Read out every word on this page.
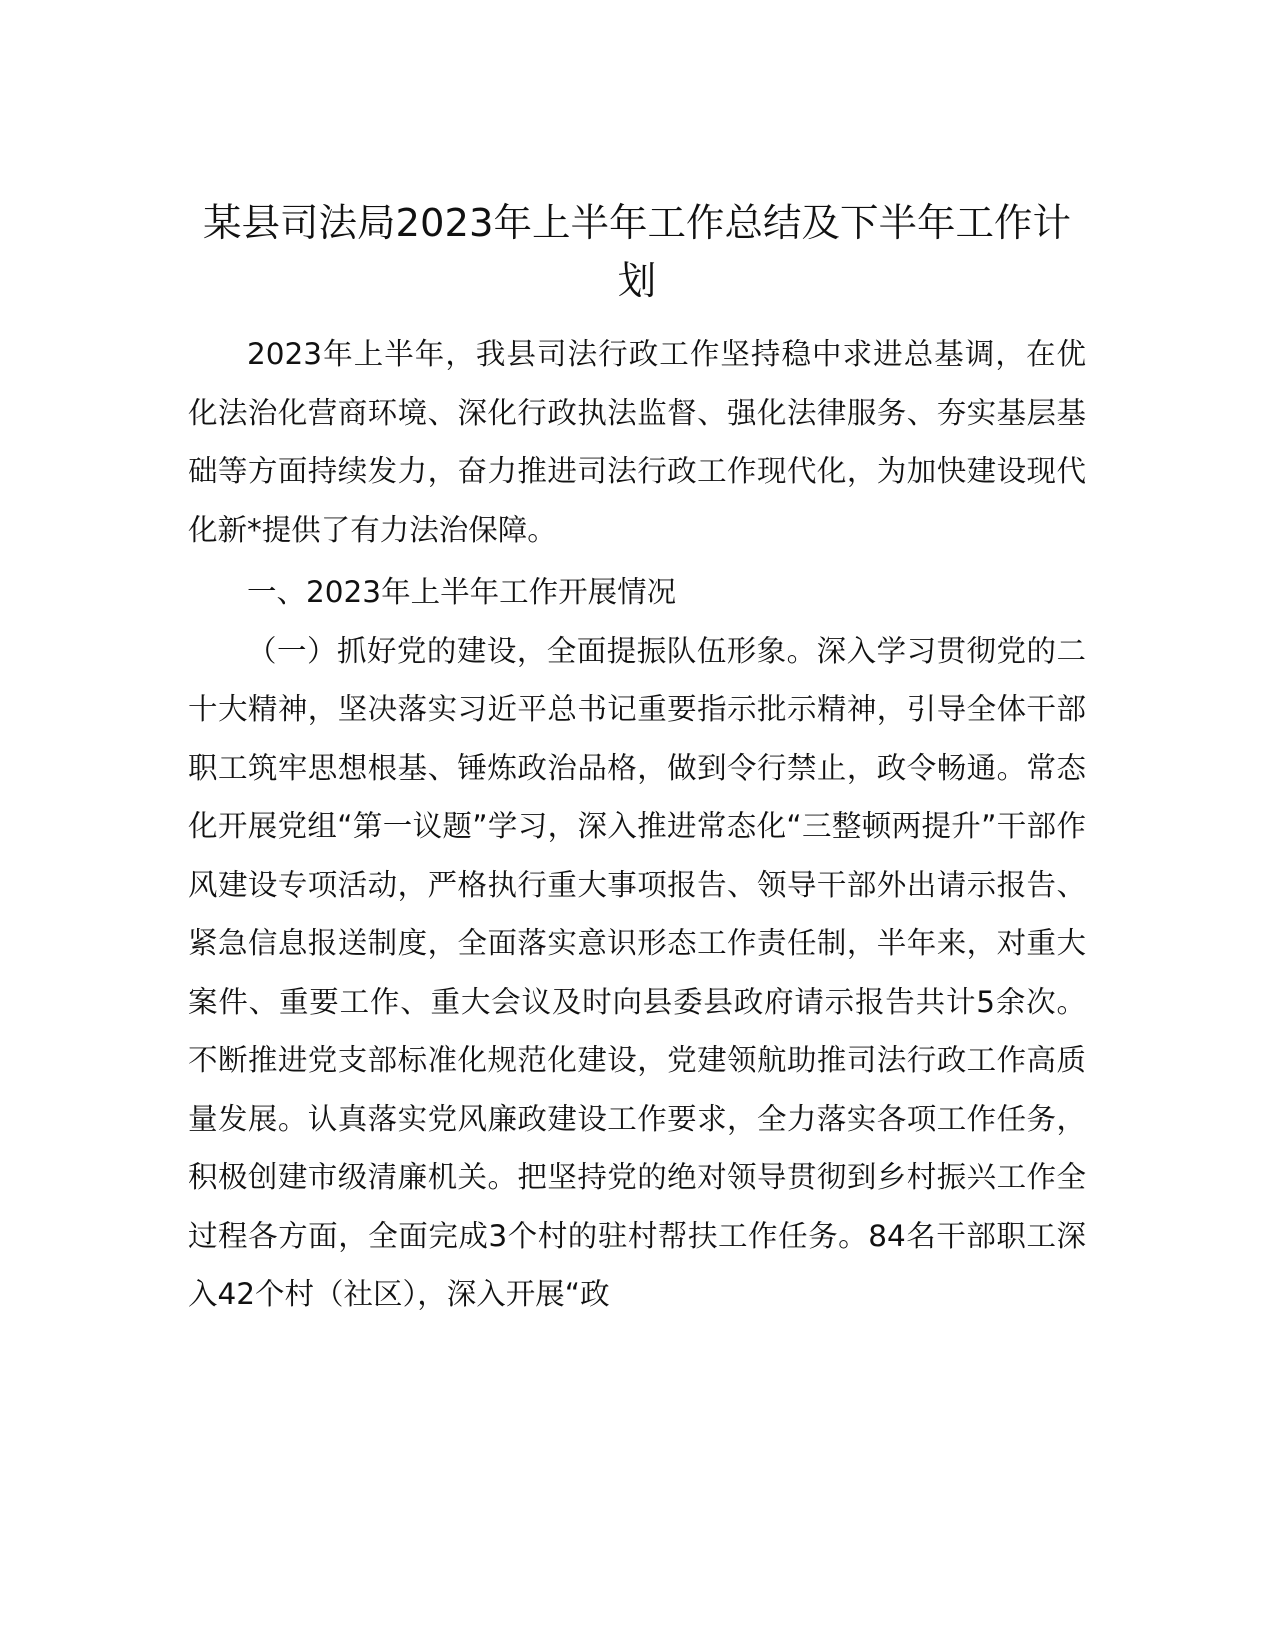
某县司法局2023年上半年工作总结及下半年工作计划

2023年上半年，我县司法行政工作坚持稳中求进总基调，在优化法治化营商环境、深化行政执法监督、强化法律服务、夯实基层基础等方面持续发力，奋力推进司法行政工作现代化，为加快建设现代化新*提供了有力法治保障。

一、2023年上半年工作开展情况

（一）抓好党的建设，全面提振队伍形象。深入学习贯彻党的二十大精神，坚决落实习近平总书记重要指示批示精神，引导全体干部职工筑牢思想根基、锤炼政治品格，做到令行禁止，政令畅通。常态化开展党组“第一议题”学习，深入推进常态化“三整顿两提升”干部作风建设专项活动，严格执行重大事项报告、领导干部外出请示报告、紧急信息报送制度，全面落实意识形态工作责任制，半年来，对重大案件、重要工作、重大会议及时向县委县政府请示报告共计5余次。不断推进党支部标准化规范化建设，党建领航助推司法行政工作高质量发展。认真落实党风廉政建设工作要求，全力落实各项工作任务，积极创建市级清廉机关。把坚持党的绝对领导贯彻到乡村振兴工作全过程各方面，全面完成3个村的驻村帮扶工作任务。84名干部职工深入42个村（社区），深入开展“政
